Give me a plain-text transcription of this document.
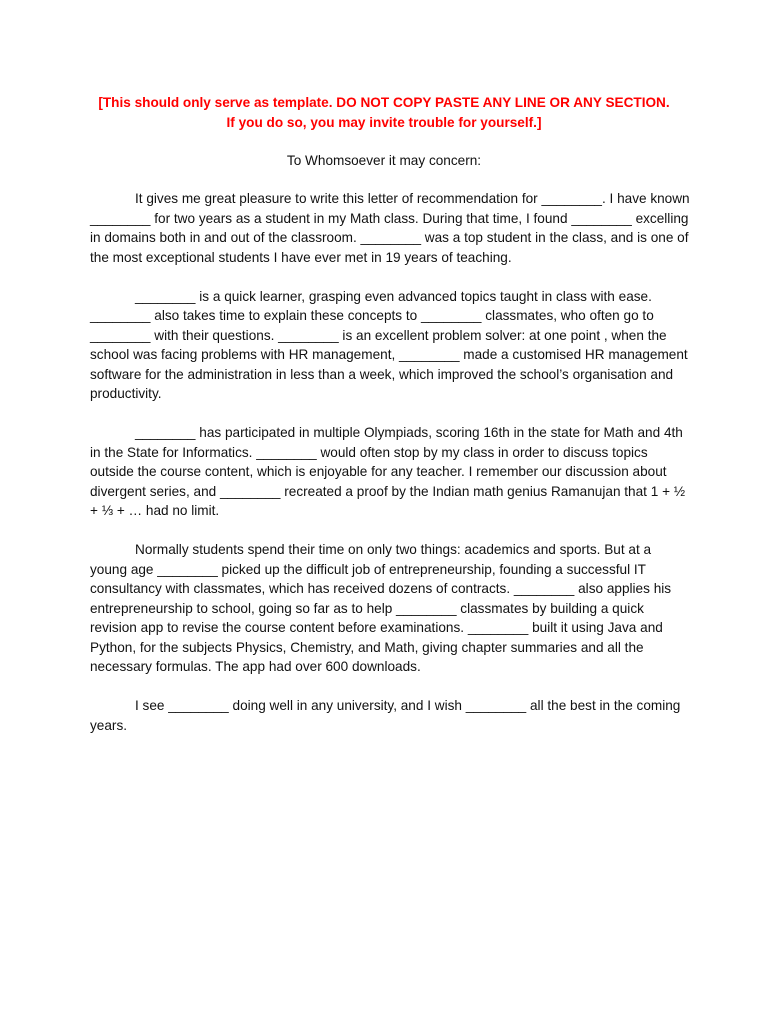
[This should only serve as template. DO NOT COPY PASTE ANY LINE OR ANY SECTION.
If you do so, you may invite trouble for yourself.]
To Whomsoever it may concern:

It gives me great pleasure to write this letter of recommendation for ________. I have known ________ for two years as a student in my Math class. During that time, I found ________ excelling in domains both in and out of the classroom. ________ was a top student in the class, and is one of the most exceptional students I have ever met in 19 years of teaching.

________ is a quick learner, grasping even advanced topics taught in class with ease. ________ also takes time to explain these concepts to ________ classmates, who often go to ________ with their questions. ________ is an excellent problem solver: at one point , when the school was facing problems with HR management, ________ made a customised HR management software for the administration in less than a week, which improved the school’s organisation and productivity.

________ has participated in multiple Olympiads, scoring 16th in the state for Math and 4th in the State for Informatics. ________ would often stop by my class in order to discuss topics outside the course content, which is enjoyable for any teacher. I remember our discussion about divergent series, and ________ recreated a proof by the Indian math genius Ramanujan that 1 + ½ + ⅓ + … had no limit.

Normally students spend their time on only two things: academics and sports. But at a young age ________ picked up the difficult job of entrepreneurship, founding a successful IT consultancy with classmates, which has received dozens of contracts. ________ also applies his entrepreneurship to school, going so far as to help ________ classmates by building a quick revision app to revise the course content before examinations. ________ built it using Java and Python, for the subjects Physics, Chemistry, and Math, giving chapter summaries and all the necessary formulas. The app had over 600 downloads.

I see ________ doing well in any university, and I wish ________ all the best in the coming years.
